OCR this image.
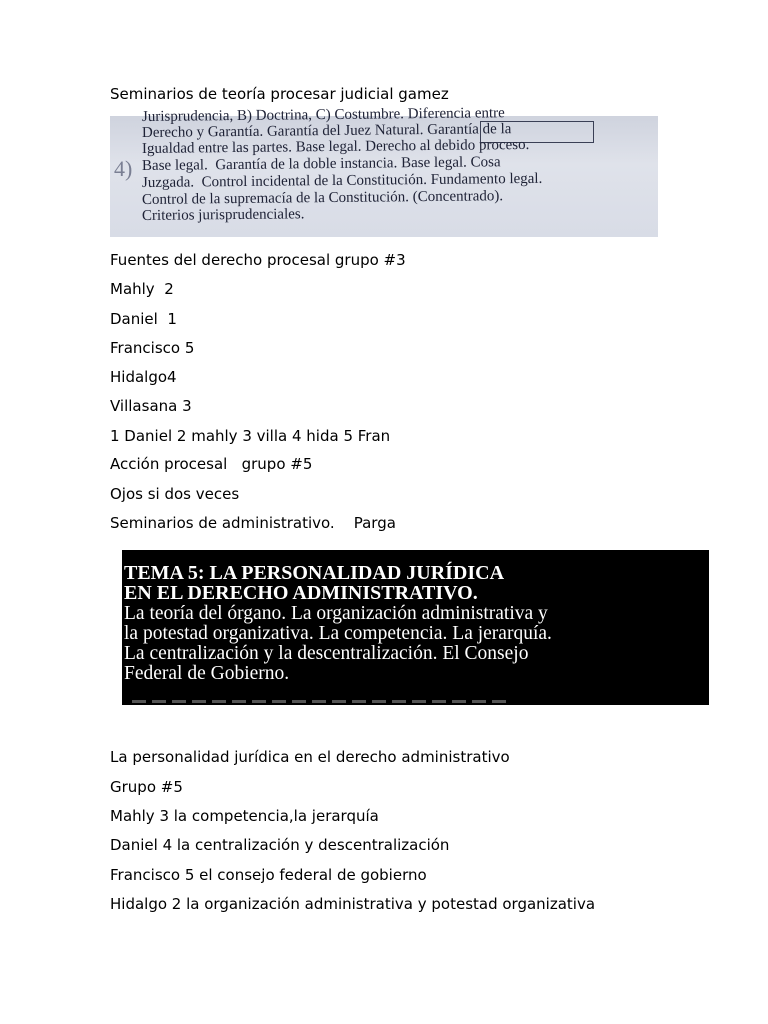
Seminarios de teoría procesar judicial gamez
4)
Jurisprudencia, B) Doctrina, C) Costumbre. Diferencia entre
Derecho y Garantía. Garantía del Juez Natural. Garantía de la
Igualdad entre las partes. Base legal. Derecho al debido proceso.
Base legal.  Garantía de la doble instancia. Base legal. Cosa
Juzgada.  Control incidental de la Constitución. Fundamento legal.
Control de la supremacía de la Constitución. (Concentrado).
Criterios jurisprudenciales.
Fuentes del derecho procesal grupo #3
Mahly  2
Daniel  1
Francisco 5
Hidalgo4
Villasana 3
1 Daniel 2 mahly 3 villa 4 hida 5 Fran
Acción procesal   grupo #5
Ojos si dos veces
Seminarios de administrativo.    Parga
TEMA 5: LA PERSONALIDAD JURÍDICA
EN EL DERECHO ADMINISTRATIVO.
La teoría del órgano. La organización administrativa y
la potestad organizativa. La competencia. La jerarquía.
La centralización y la descentralización. El Consejo
Federal de Gobierno.
La personalidad jurídica en el derecho administrativo
Grupo #5
Mahly 3 la competencia,la jerarquía
Daniel 4 la centralización y descentralización
Francisco 5 el consejo federal de gobierno
Hidalgo 2 la organización administrativa y potestad organizativa
